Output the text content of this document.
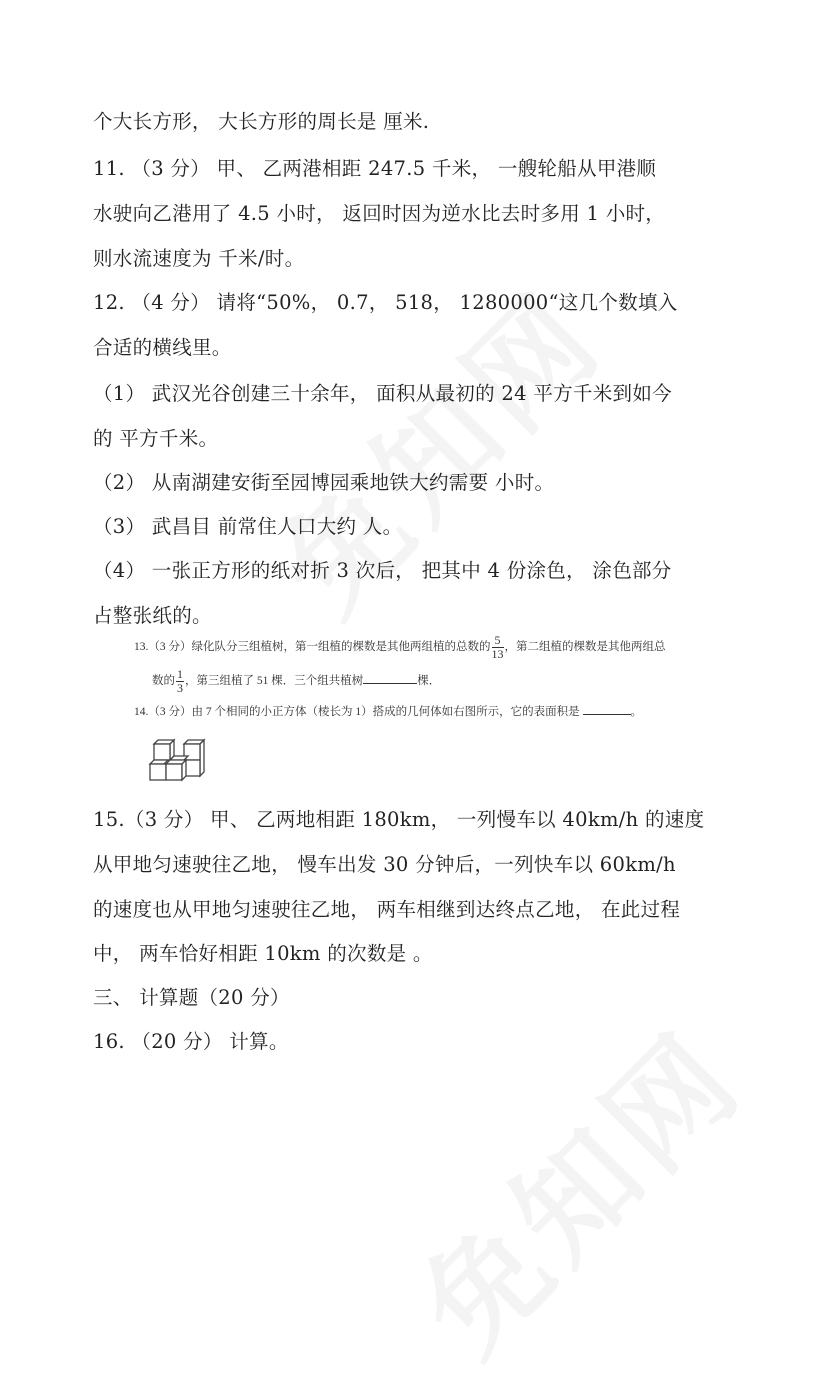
个大长方形， 大长方形的周长是 厘米.
11. （3 分） 甲、 乙两港相距 247.5 千米， 一艘轮船从甲港顺
水驶向乙港用了 4.5 小时， 返回时因为逆水比去时多用 1 小时，
则水流速度为 千米/时。
12. （4 分） 请将“50%， 0.7， 518， 1280000“这几个数填入
合适的横线里。
（1） 武汉光谷创建三十余年， 面积从最初的 24 平方千米到如今
的 平方千米。
（2） 从南湖建安街至园博园乘地铁大约需要 小时。
（3） 武昌目 前常住人口大约 人。
（4） 一张正方形的纸对折 3 次后， 把其中 4 份涂色， 涂色部分
占整张纸的。
13.（3 分）绿化队分三组植树，第一组植的棵数是其他两组植的总数的 $\frac{5}{13}$ ，第二组植的棵数是其他两组总
数的 $\frac{1}{3}$ ，第三组植了 51 棵．三个组共植树	棵．
14.（3 分）由 7 个相同的小正方体（棱长为 1）搭成的几何体如右图所示，它的表面积是	。
15.（3 分） 甲、 乙两地相距 180km， 一列慢车以 40km/h 的速度
从甲地匀速驶往乙地， 慢车出发 30 分钟后，一列快车以 60km/h
的速度也从甲地匀速驶往乙地， 两车相继到达终点乙地， 在此过程
中， 两车恰好相距 10km 的次数是 。
三、 计算题（20 分）
16. （20 分） 计算。
